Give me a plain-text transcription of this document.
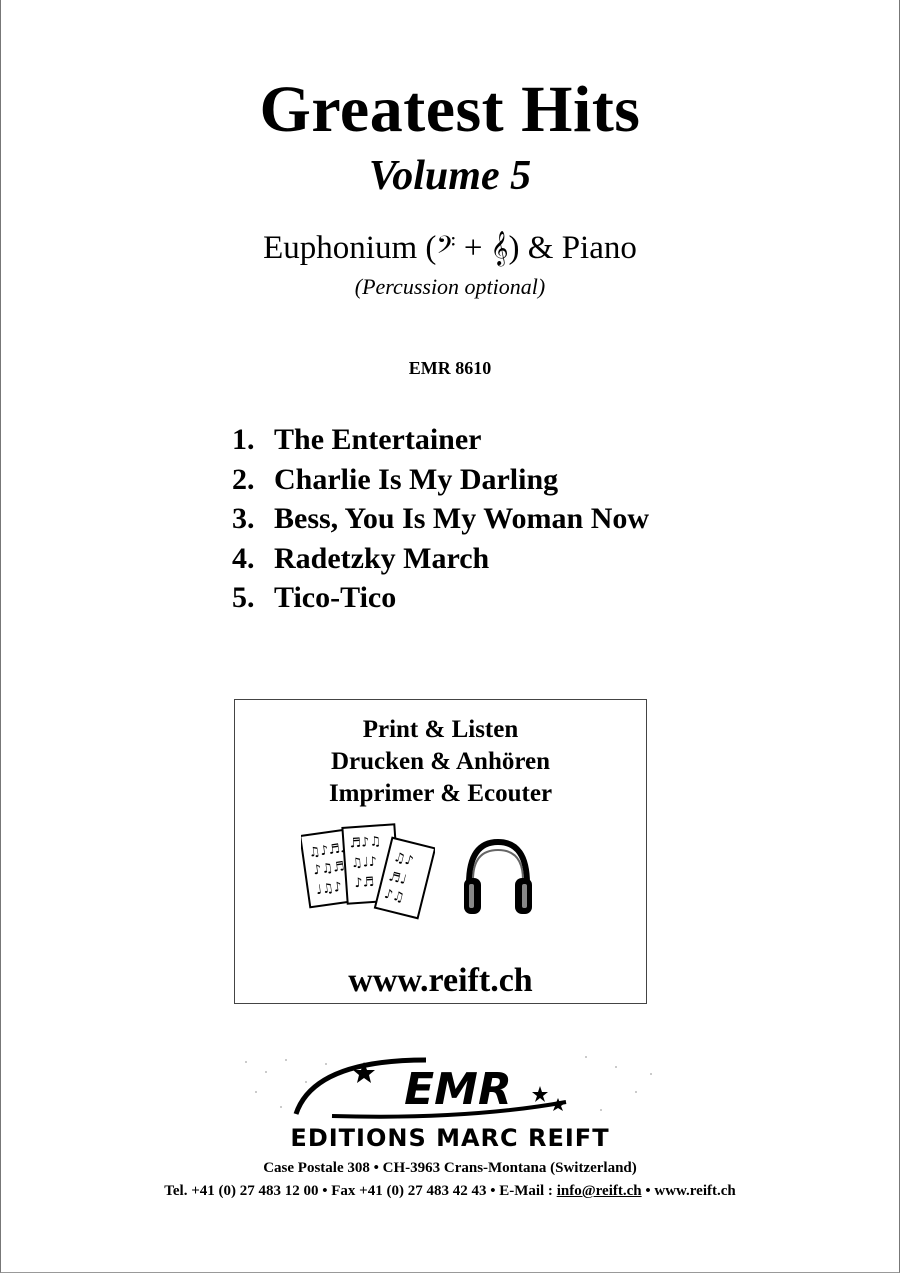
Greatest Hits
Volume 5
Euphonium (𝄢 + 𝄞) & Piano
(Percussion optional)
EMR 8610
1. The Entertainer
2. Charlie Is My Darling
3. Bess, You Is My Woman Now
4. Radetzky March
5. Tico-Tico
Print & Listen
Drucken & Anhören
Imprimer & Ecouter
♫♪♬♩
♪♫♬
♩♫♪
♬♪♫
♫♩♪
♪♬
♫♪
♬♩
♪♫
www.reift.ch
EMR
EDITIONS MARC REIFT
Case Postale 308 • CH-3963 Crans-Montana (Switzerland)
Tel. +41 (0) 27 483 12 00 • Fax +41 (0) 27 483 42 43 • E-Mail : info@reift.ch • www.reift.ch
